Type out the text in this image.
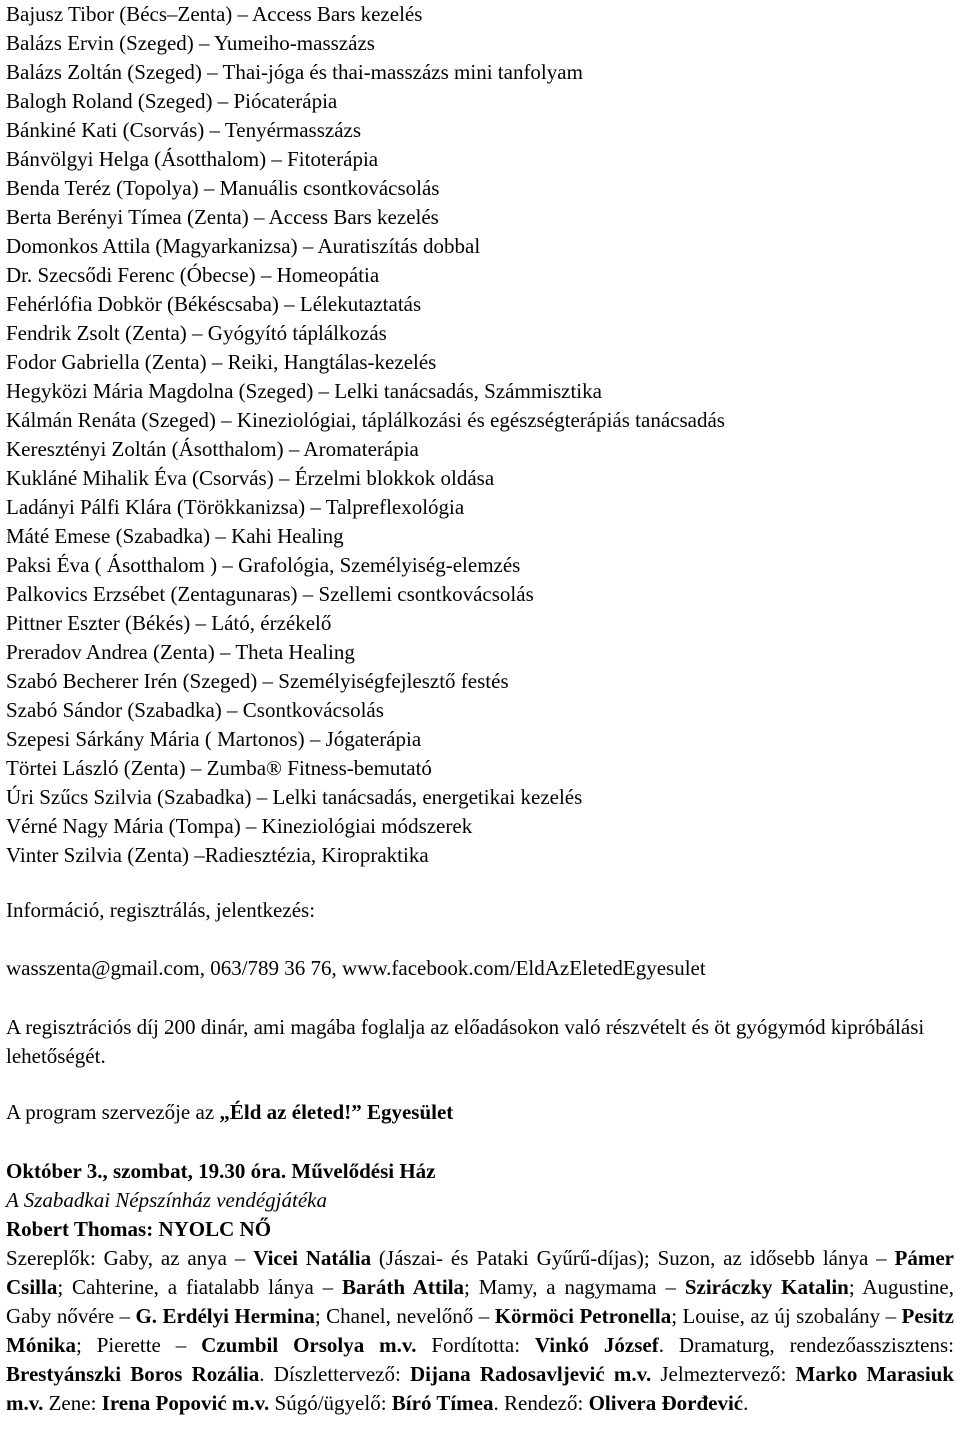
Bajusz Tibor (Bécs–Zenta) – Access Bars kezelés
Balázs Ervin (Szeged) – Yumeiho-masszázs
Balázs Zoltán (Szeged) – Thai-jóga és thai-masszázs mini tanfolyam
Balogh Roland (Szeged) – Piócaterápia
Bánkiné Kati (Csorvás) – Tenyérmasszázs
Bánvölgyi Helga (Ásotthalom) – Fitoterápia
Benda Teréz (Topolya) – Manuális csontkovácsolás
Berta Berényi Tímea (Zenta) – Access Bars kezelés
Domonkos Attila (Magyarkanizsa) – Auratiszítás dobbal
Dr. Szecsődi Ferenc (Óbecse) – Homeopátia
Fehérlófia Dobkör (Békéscsaba) – Lélekutaztatás
Fendrik Zsolt (Zenta) – Gyógyító táplálkozás
Fodor Gabriella (Zenta) – Reiki, Hangtálas-kezelés
Hegyközi Mária Magdolna (Szeged) – Lelki tanácsadás, Számmisztika
Kálmán Renáta (Szeged) – Kineziológiai, táplálkozási és egészségterápiás tanácsadás
Keresztényi Zoltán (Ásotthalom) – Aromaterápia
Kukláné Mihalik Éva (Csorvás) – Érzelmi blokkok oldása
Ladányi Pálfi Klára (Törökkanizsa) – Talpreflexológia
Máté Emese (Szabadka) – Kahi Healing
Paksi Éva ( Ásotthalom ) – Grafológia, Személyiség-elemzés
Palkovics Erzsébet (Zentagunaras) – Szellemi csontkovácsolás
Pittner Eszter (Békés) – Látó, érzékelő
Preradov Andrea (Zenta) – Theta Healing
Szabó Becherer Irén (Szeged) – Személyiségfejlesztő festés
Szabó Sándor (Szabadka) – Csontkovácsolás
Szepesi Sárkány Mária ( Martonos) – Jógaterápia
Törtei László (Zenta) – Zumba® Fitness-bemutató
Úri Szűcs Szilvia (Szabadka) – Lelki tanácsadás, energetikai kezelés
Vérné Nagy Mária (Tompa) – Kineziológiai módszerek
Vinter Szilvia (Zenta) –Radiesztézia, Kiropraktika
Információ, regisztrálás, jelentkezés:
wasszenta@gmail.com, 063/789 36 76, www.facebook.com/EldAzEletedEgyesulet
A regisztrációs díj 200 dinár, ami magába foglalja az előadásokon való részvételt és öt gyógymód kipróbálási lehetőségét.
A program szervezője az „Éld az életed!” Egyesület
Október 3., szombat, 19.30 óra. Művelődési Ház
A Szabadkai Népszínház vendégjátéka
Robert Thomas: NYOLC NŐ
Szereplők: Gaby, az anya – Vicei Natália (Jászai- és Pataki Gyűrű-díjas); Suzon, az idősebb lánya – Pámer Csilla; Cahterine, a fiatalabb lánya – Baráth Attila; Mamy, a nagymama – Sziráczky Katalin; Augustine, Gaby nővére – G. Erdélyi Hermina; Chanel, nevelőnő – Körmöci Petronella; Louise, az új szobalány – Pesitz Mónika; Pierette – Czumbil Orsolya m.v. Fordította: Vinkó József. Dramaturg, rendezőasszisztens: Brestyánszki Boros Rozália. Díszlettervező: Dijana Radosavljević m.v. Jelmeztervező: Marko Marasiuk m.v. Zene: Irena Popović m.v. Súgó/ügyelő: Bíró Tímea. Rendező: Olivera Đorđević.
